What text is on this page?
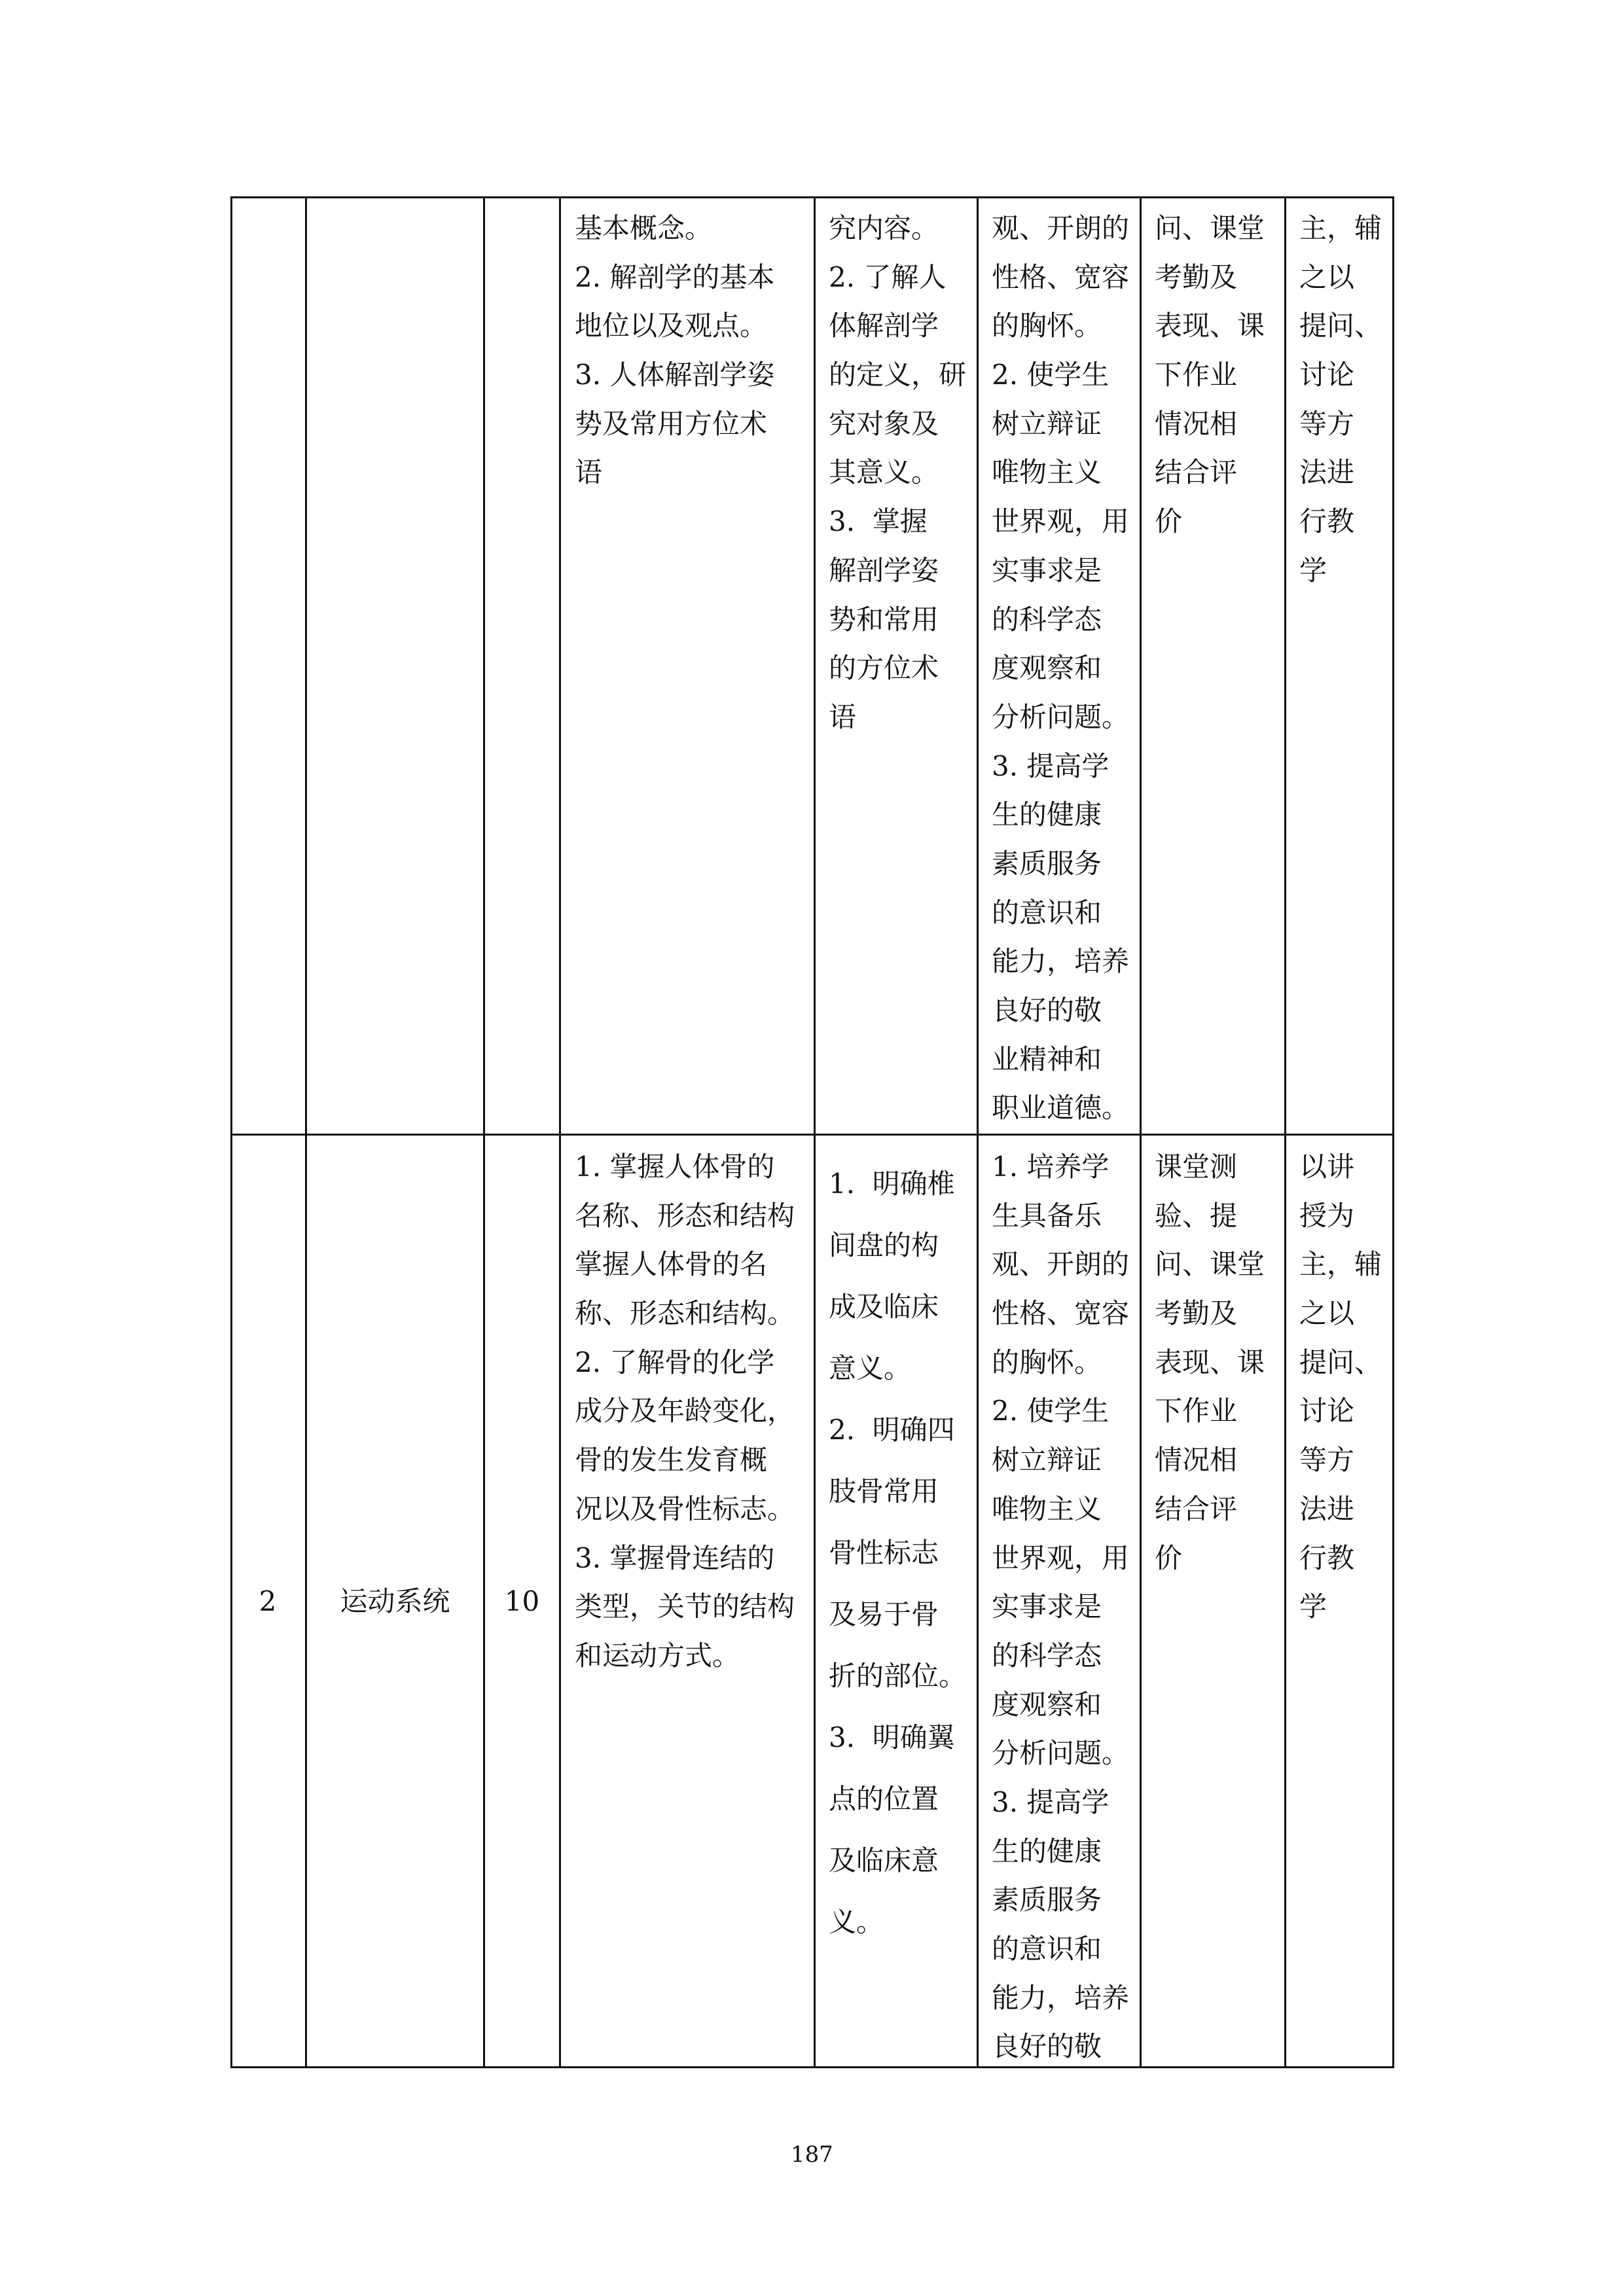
基本概念。
2. 解剖学的基本
地位以及观点。
3. 人体解剖学姿
势及常用方位术
语
究内容。
2. 了解人
体解剖学
的定义，研
究对象及
其意义。
3.  掌握
解剖学姿
势和常用
的方位术
语
观、开朗的
性格、宽容
的胸怀。
2. 使学生
树立辩证
唯物主义
世界观，用
实事求是
的科学态
度观察和
分析问题。
3. 提高学
生的健康
素质服务
的意识和
能力，培养
良好的敬
业精神和
职业道德。
问、课堂
考勤及
表现、课
下作业
情况相
结合评
价
主，辅
之以
提问、
讨论
等方
法进
行教
学
2	运动系统	10
1. 掌握人体骨的
名称、形态和结构
掌握人体骨的名
称、形态和结构。
2. 了解骨的化学
成分及年龄变化，
骨的发生发育概
况以及骨性标志。
3. 掌握骨连结的
类型，关节的结构
和运动方式。
1.  明确椎
间盘的构
成及临床
意义。
2.  明确四
肢骨常用
骨性标志
及易于骨
折的部位。
3.  明确翼
点的位置
及临床意
义。
1. 培养学
生具备乐
观、开朗的
性格、宽容
的胸怀。
2. 使学生
树立辩证
唯物主义
世界观，用
实事求是
的科学态
度观察和
分析问题。
3. 提高学
生的健康
素质服务
的意识和
能力，培养
良好的敬
课堂测
验、提
问、课堂
考勤及
表现、课
下作业
情况相
结合评
价
以讲
授为
主，辅
之以
提问、
讨论
等方
法进
行教
学
187
